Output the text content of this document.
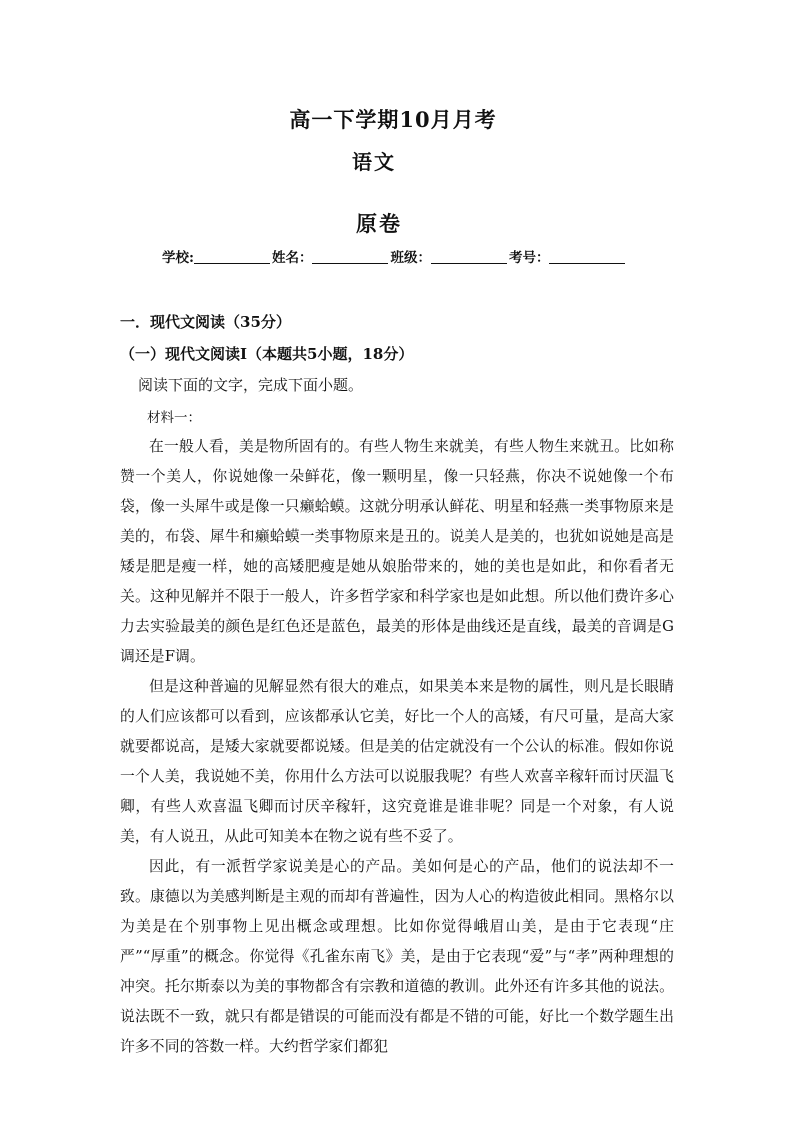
高一下学期10月月考
语文
原卷
学校:	姓名：	班级：	考号：
一．现代文阅读（35分）
（一）现代文阅读Ⅰ（本题共5小题，18分）
阅读下面的文字，完成下面小题。
材料一：

在一般人看，美是物所固有的。有些人物生来就美，有些人物生来就丑。比如称赞一个美人，你说她像一朵鲜花，像一颗明星，像一只轻燕，你决不说她像一个布袋，像一头犀牛或是像一只癞蛤蟆。这就分明承认鲜花、明星和轻燕一类事物原来是美的，布袋、犀牛和癞蛤蟆一类事物原来是丑的。说美人是美的，也犹如说她是高是矮是肥是瘦一样，她的高矮肥瘦是她从娘胎带来的，她的美也是如此，和你看者无关。这种见解并不限于一般人，许多哲学家和科学家也是如此想。所以他们费许多心力去实验最美的颜色是红色还是蓝色，最美的形体是曲线还是直线，最美的音调是G调还是F调。

但是这种普遍的见解显然有很大的难点，如果美本来是物的属性，则凡是长眼睛的人们应该都可以看到，应该都承认它美，好比一个人的高矮，有尺可量，是高大家就要都说高，是矮大家就要都说矮。但是美的估定就没有一个公认的标准。假如你说一个人美，我说她不美，你用什么方法可以说服我呢？有些人欢喜辛稼轩而讨厌温飞卿，有些人欢喜温飞卿而讨厌辛稼轩，这究竟谁是谁非呢？同是一个对象，有人说美，有人说丑，从此可知美本在物之说有些不妥了。

因此，有一派哲学家说美是心的产品。美如何是心的产品，他们的说法却不一致。康德以为美感判断是主观的而却有普遍性，因为人心的构造彼此相同。黑格尔以为美是在个别事物上见出概念或理想。比如你觉得峨眉山美，是由于它表现“庄严”“厚重”的概念。你觉得《孔雀东南飞》美，是由于它表现“爱”与“孝”两种理想的冲突。托尔斯泰以为美的事物都含有宗教和道德的教训。此外还有许多其他的说法。说法既不一致，就只有都是错误的可能而没有都是不错的可能，好比一个数学题生出许多不同的答数一样。大约哲学家们都犯
